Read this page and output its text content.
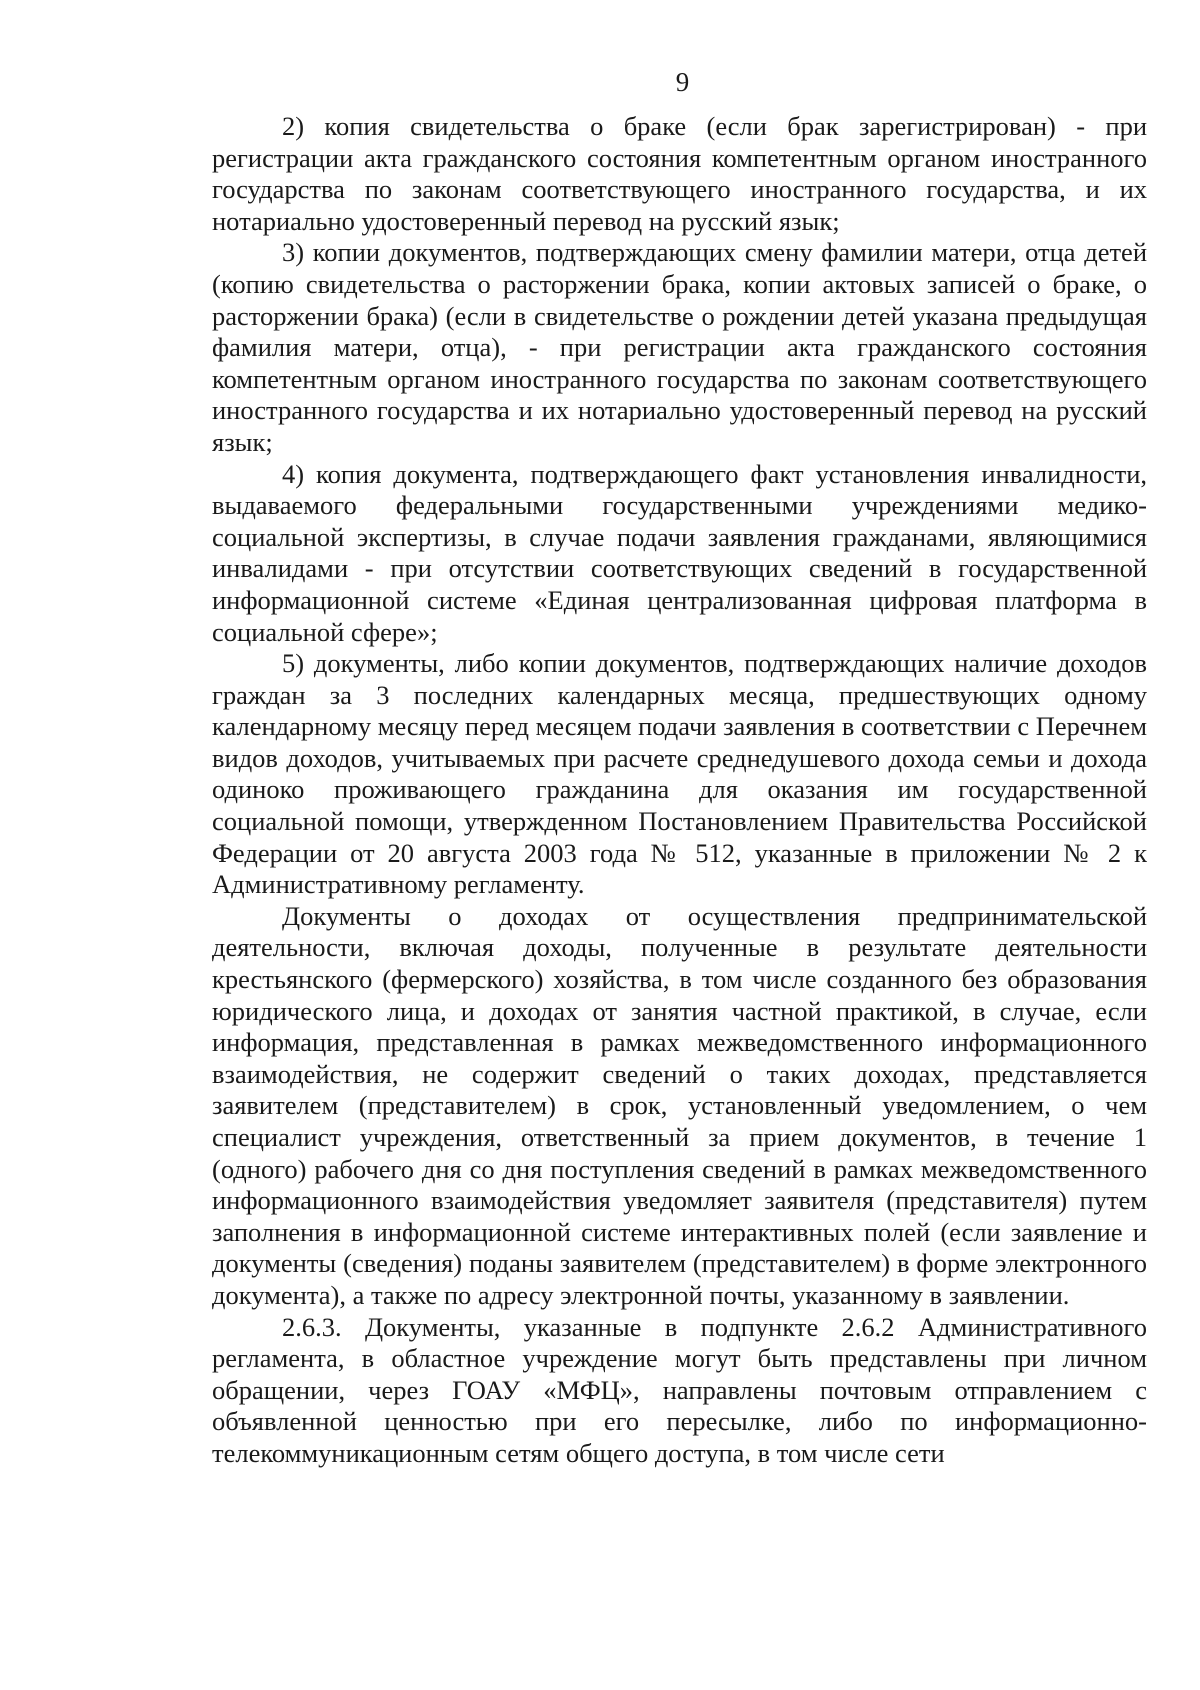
9

2) копия свидетельства о браке (если брак зарегистрирован) - при регистрации акта гражданского состояния компетентным органом иностранного государства по законам соответствующего иностранного государства, и их нотариально удостоверенный перевод на русский язык;

3) копии документов, подтверждающих смену фамилии матери, отца детей (копию свидетельства о расторжении брака, копии актовых записей о браке, о расторжении брака) (если в свидетельстве о рождении детей указана предыдущая фамилия матери, отца), - при регистрации акта гражданского состояния компетентным органом иностранного государства по законам соответствующего иностранного государства и их нотариально удостоверенный перевод на русский язык;

4) копия документа, подтверждающего факт установления инвалидности, выдаваемого федеральными государственными учреждениями медико-социальной экспертизы, в случае подачи заявления гражданами, являющимися инвалидами - при отсутствии соответствующих сведений в государственной информационной системе «Единая централизованная цифровая платформа в социальной сфере»;

5) документы, либо копии документов, подтверждающих наличие доходов граждан за 3 последних календарных месяца, предшествующих одному календарному месяцу перед месяцем подачи заявления в соответствии с Перечнем видов доходов, учитываемых при расчете среднедушевого дохода семьи и дохода одиноко проживающего гражданина для оказания им государственной социальной помощи, утвержденном Постановлением Правительства Российской Федерации от 20 августа 2003 года № 512, указанные в приложении № 2 к Административному регламенту.

Документы о доходах от осуществления предпринимательской деятельности, включая доходы, полученные в результате деятельности крестьянского (фермерского) хозяйства, в том числе созданного без образования юридического лица, и доходах от занятия частной практикой, в случае, если информация, представленная в рамках межведомственного информационного взаимодействия, не содержит сведений о таких доходах, представляется заявителем (представителем) в срок, установленный уведомлением, о чем специалист учреждения, ответственный за прием документов, в течение 1 (одного) рабочего дня со дня поступления сведений в рамках межведомственного информационного взаимодействия уведомляет заявителя (представителя) путем заполнения в информационной системе интерактивных полей (если заявление и документы (сведения) поданы заявителем (представителем) в форме электронного документа), а также по адресу электронной почты, указанному в заявлении.

2.6.3. Документы, указанные в подпункте 2.6.2 Административного регламента, в областное учреждение могут быть представлены при личном обращении, через ГОАУ «МФЦ», направлены почтовым отправлением с объявленной ценностью при его пересылке, либо по информационно-телекоммуникационным сетям общего доступа, в том числе сети
